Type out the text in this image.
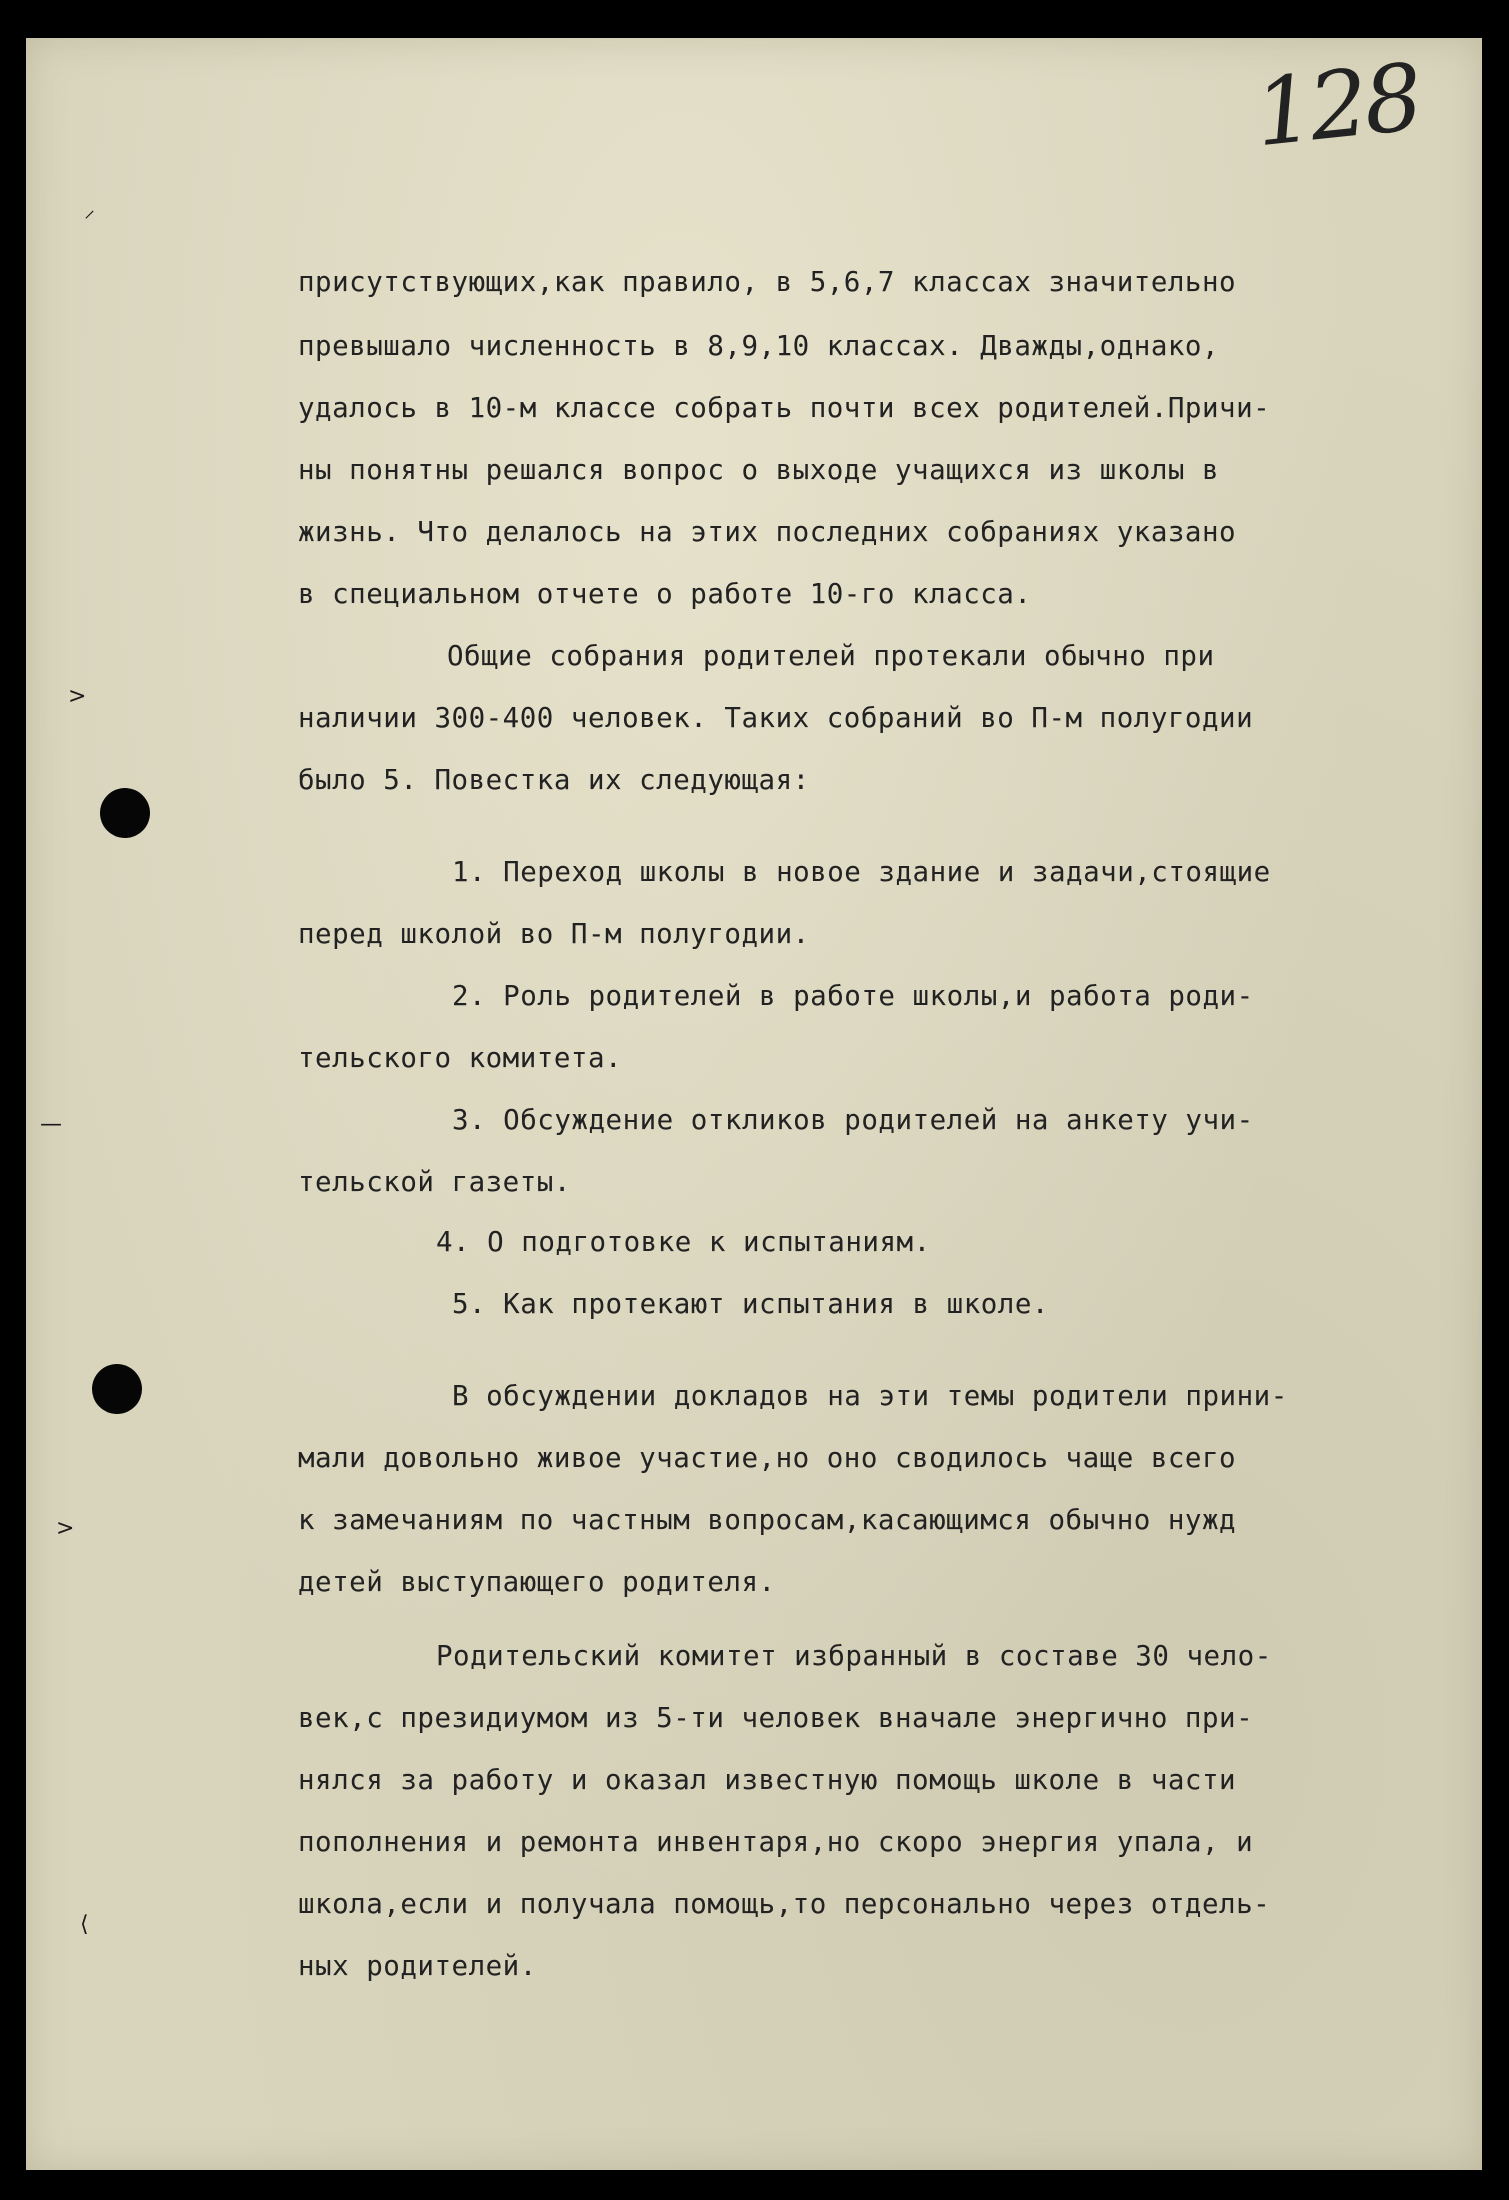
128
⸝
>
—
>
⟨
присутствующих,как правило, в 5,6,7 классах значительно
превышало численность в 8,9,10 классах. Дважды,однако,
удалось в 10-м классе собрать почти всех родителей.Причи-
ны понятны решался вопрос о выходе учащихся из школы в
жизнь. Что делалось на этих последних собраниях указано
в специальном отчете о работе 10-го класса.
Общие собрания родителей протекали обычно при
наличии 300-400 человек. Таких собраний во П-м полугодии
было 5. Повестка их следующая:
1. Переход школы в новое здание и задачи,стоящие
перед школой во П-м полугодии.
2. Роль родителей в работе школы,и работа роди-
тельского комитета.
3. Обсуждение откликов родителей на анкету учи-
тельской газеты.
4. О подготовке к испытаниям.
5. Как протекают испытания в школе.
В обсуждении докладов на эти темы родители прини-
мали довольно живое участие,но оно сводилось чаще всего
к замечаниям по частным вопросам,касающимся обычно нужд
детей выступающего родителя.
Родительский комитет избранный в составе 30 чело-
век,с президиумом из 5-ти человек вначале энергично при-
нялся за работу и оказал известную помощь школе в части
пополнения и ремонта инвентаря,но скоро энергия упала, и
школа,если и получала помощь,то персонально через отдель-
ных родителей.
